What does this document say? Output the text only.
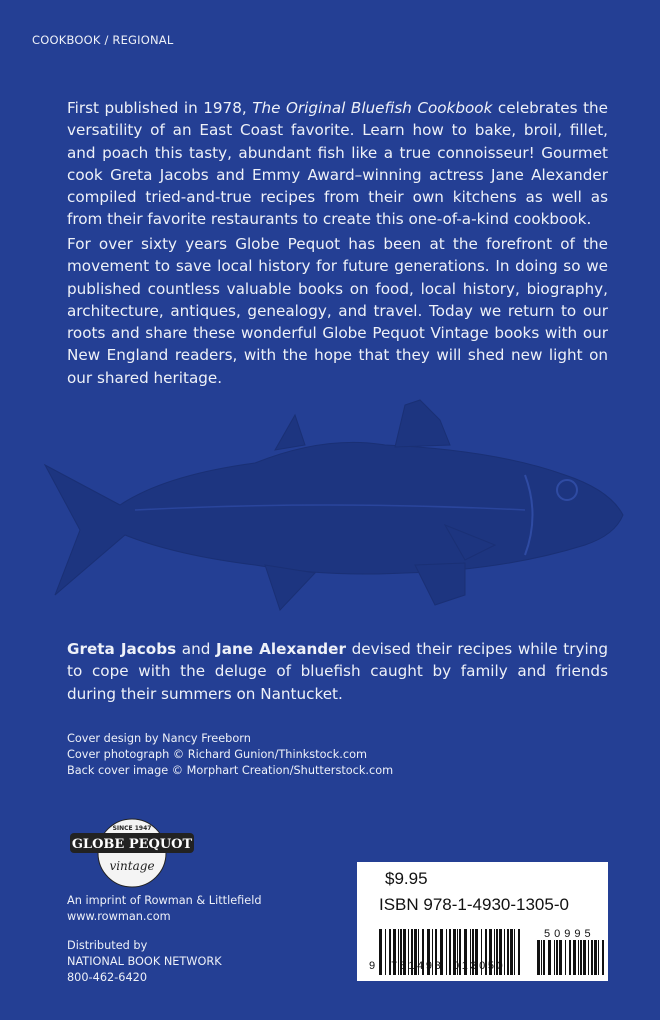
COOKBOOK / REGIONAL
First published in 1978, The Original Bluefish Cookbook celebrates the versatility of an East Coast favorite. Learn how to bake, broil, fillet, and poach this tasty, abundant fish like a true connoisseur! Gourmet cook Greta Jacobs and Emmy Award–winning actress Jane Alexander compiled tried-and-true recipes from their own kitchens as well as from their favorite restaurants to create this one-of-a-kind cookbook.
For over sixty years Globe Pequot has been at the forefront of the movement to save local history for future generations. In doing so we published countless valuable books on food, local history, biography, architecture, antiques, genealogy, and travel. Today we return to our roots and share these wonderful Globe Pequot Vintage books with our New England readers, with the hope that they will shed new light on our shared heritage.
Greta Jacobs and Jane Alexander devised their recipes while trying to cope with the deluge of bluefish caught by family and friends during their summers on Nantucket.
Cover design by Nancy Freeborn
Cover photograph © Richard Gunion/Thinkstock.com
Back cover image © Morphart Creation/Shutterstock.com
SINCE 1947
GLOBE PEQUOT
vintage
An imprint of Rowman & Littlefield
www.rowman.com
Distributed by
NATIONAL BOOK NETWORK
800-462-6420
$9.95
ISBN 978-1-4930-1305-0
9 781493 013050
50995
